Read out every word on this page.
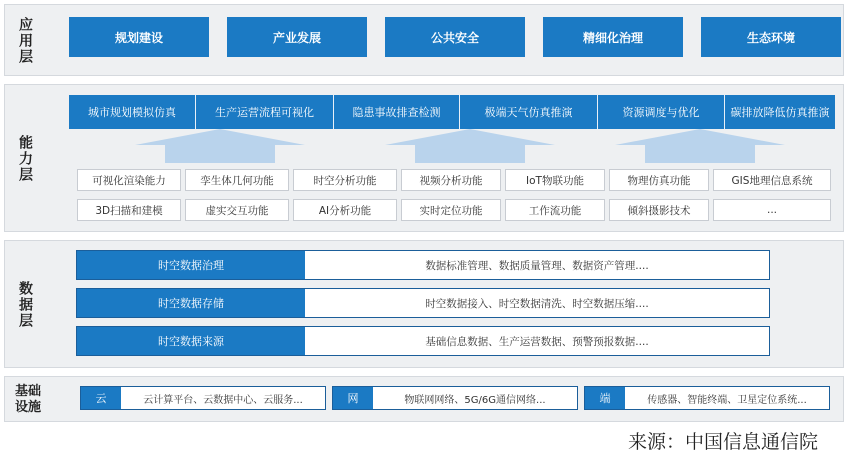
应用层	规划建设	产业发展	公共安全	精细化治理	生态环境
能力层
城市规划模拟仿真	生产运营流程可视化	隐患事故排查检测	极端天气仿真推演	资源调度与优化	碳排放降低仿真推演
可视化渲染能力	孪生体几何功能	时空分析功能	视频分析功能	IoT物联功能	物理仿真功能	GIS地理信息系统
3D扫描和建模	虚实交互功能	AI分析功能	实时定位功能	工作流功能	倾斜摄影技术	...
数据层
时空数据治理	数据标准管理、数据质量管理、数据资产管理....
时空数据存储	时空数据接入、时空数据清洗、时空数据压缩....
时空数据来源	基础信息数据、生产运营数据、预警预报数据....
基础设施
云	云计算平台、云数据中心、云服务...	网	物联网网络、5G/6G通信网络...	端	传感器、智能终端、卫星定位系统...
来源：中国信息通信院
